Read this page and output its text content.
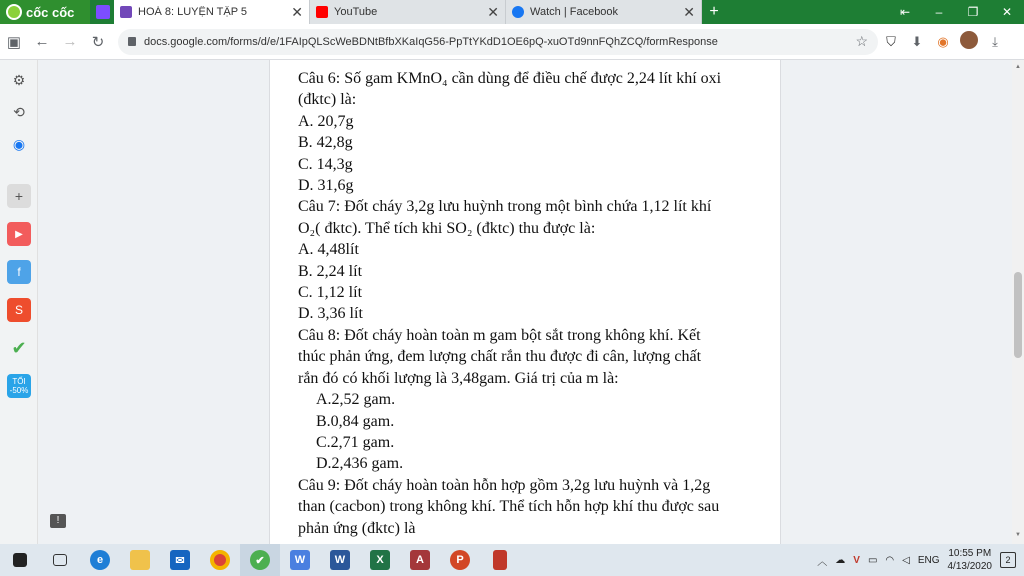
cốc cốc	HOÁ 8: LUYỆN TẬP 5	✕	YouTube	✕	Watch | Facebook	✕ +	⇤	–	❐	✕
▣ ← → ↻	docs.google.com/forms/d/e/1FAIpQLScWeBDNtBfbXKaIqG56-PpTtYKdD1OE6pQ-xuOTd9nnFQhZCQ/formResponse	☆	⛉	⬇	◉	⤓
⚙
⟲
◉
+
▶
f
S
✔
TỐI
-50%

Câu 6: Số gam KMnO₄ cần dùng để điều chế được 2,24 lít khí oxi

(đktc) là:

A. 20,7g

B. 42,8g

C. 14,3g

D. 31,6g

Câu 7: Đốt cháy 3,2g lưu huỳnh trong một bình chứa 1,12 lít khí

O₂( đktc). Thể tích khi SO₂ (đktc) thu được là:

A. 4,48lít

B. 2,24 lít

C. 1,12 lít

D. 3,36 lít

Câu 8: Đốt cháy hoàn toàn m gam bột sắt trong không khí. Kết

thúc phản ứng, đem lượng chất rắn thu được đi cân, lượng chất

rắn đó có khối lượng là 3,48gam. Giá trị của m là:

A.2,52 gam.

B.0,84 gam.

C.2,71 gam.

D.2,436 gam.

Câu 9: Đốt cháy hoàn toàn hỗn hợp gồm 3,2g lưu huỳnh và 1,2g

than (cacbon) trong không khí. Thể tích hỗn hợp khí thu được sau

phản ứng (đktc) là

!
▲
▼
e	✉	✔	W	W	X	A	P	︿ ☁ V ▭ ◠ ◁ ENG
10:55 PM
4/13/2020
2
